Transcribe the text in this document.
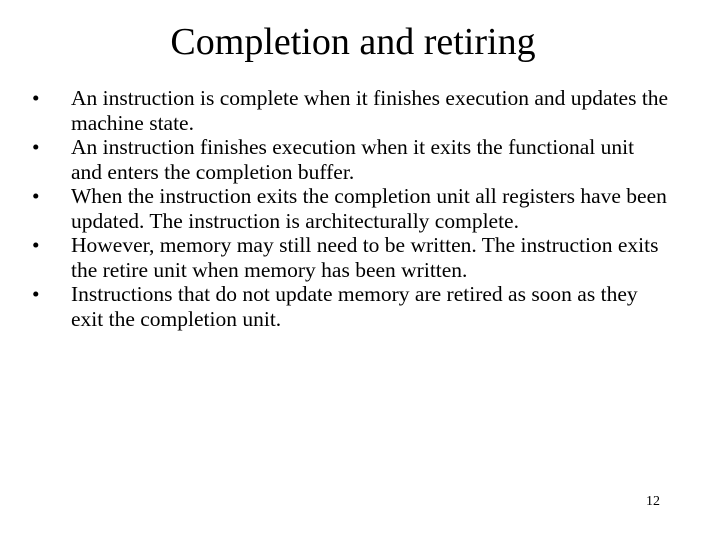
Completion and retiring
•	An instruction is complete when it finishes execution and updates the machine state.
•	An instruction finishes execution when it exits the functional unit and enters the completion buffer.
•	When the instruction exits the completion unit all registers have been updated. The instruction is architecturally complete.
•	However, memory may still need to be written. The instruction exits the retire unit when memory has been written.
•	Instructions that do not update memory are retired as soon as they exit the completion unit.
12
